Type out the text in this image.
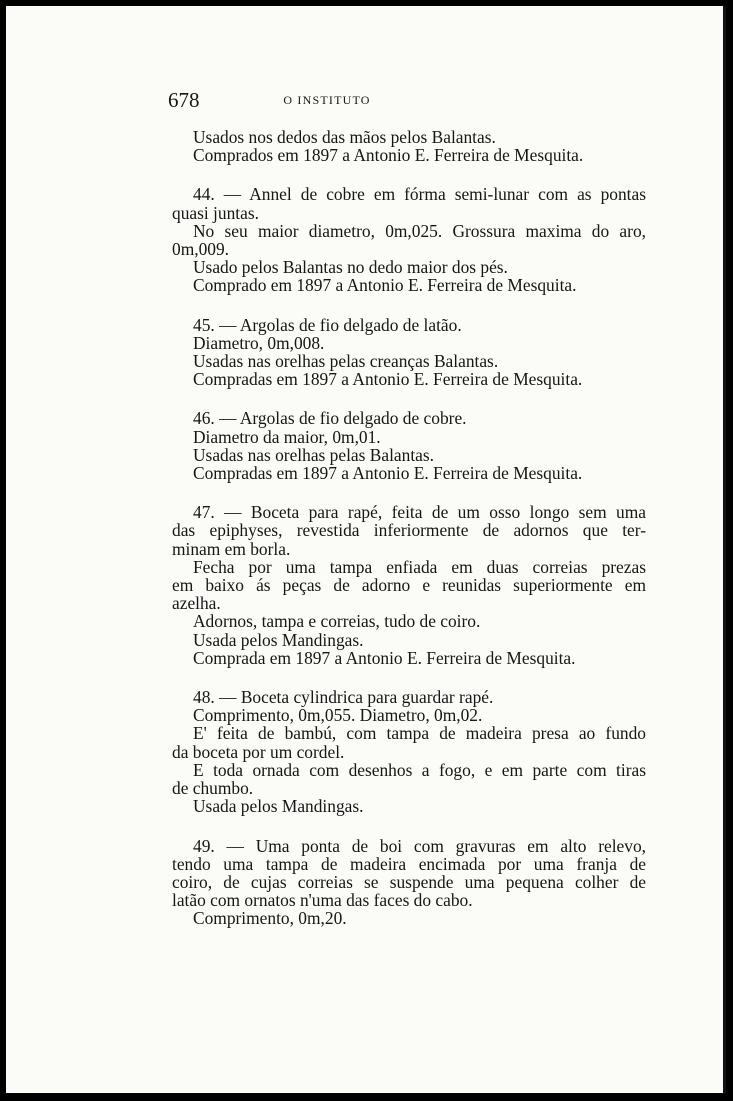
678	O INSTITUTO
Usados nos dedos das mãos pelos Balantas.
Comprados em 1897 a Antonio E. Ferreira de Mesquita.
44. — Annel de cobre em fórma semi-lunar com as pontas
quasi juntas.
No seu maior diametro, 0m,025. Grossura maxima do aro,
0m,009.
Usado pelos Balantas no dedo maior dos pés.
Comprado em 1897 a Antonio E. Ferreira de Mesquita.
45. — Argolas de fio delgado de latão.
Diametro, 0m,008.
Usadas nas orelhas pelas creanças Balantas.
Compradas em 1897 a Antonio E. Ferreira de Mesquita.
46. — Argolas de fio delgado de cobre.
Diametro da maior, 0m,01.
Usadas nas orelhas pelas Balantas.
Compradas em 1897 a Antonio E. Ferreira de Mesquita.
47. — Boceta para rapé, feita de um osso longo sem uma
das epiphyses, revestida inferiormente de adornos que ter-
minam em borla.
Fecha por uma tampa enfiada em duas correias prezas
em baixo ás peças de adorno e reunidas superiormente em
azelha.
Adornos, tampa e correias, tudo de coiro.
Usada pelos Mandingas.
Comprada em 1897 a Antonio E. Ferreira de Mesquita.
48. — Boceta cylindrica para guardar rapé.
Comprimento, 0m,055. Diametro, 0m,02.
E' feita de bambú, com tampa de madeira presa ao fundo
da boceta por um cordel.
E toda ornada com desenhos a fogo, e em parte com tiras
de chumbo.
Usada pelos Mandingas.
49. — Uma ponta de boi com gravuras em alto relevo,
tendo uma tampa de madeira encimada por uma franja de
coiro, de cujas correias se suspende uma pequena colher de
latão com ornatos n'uma das faces do cabo.
Comprimento, 0m,20.
